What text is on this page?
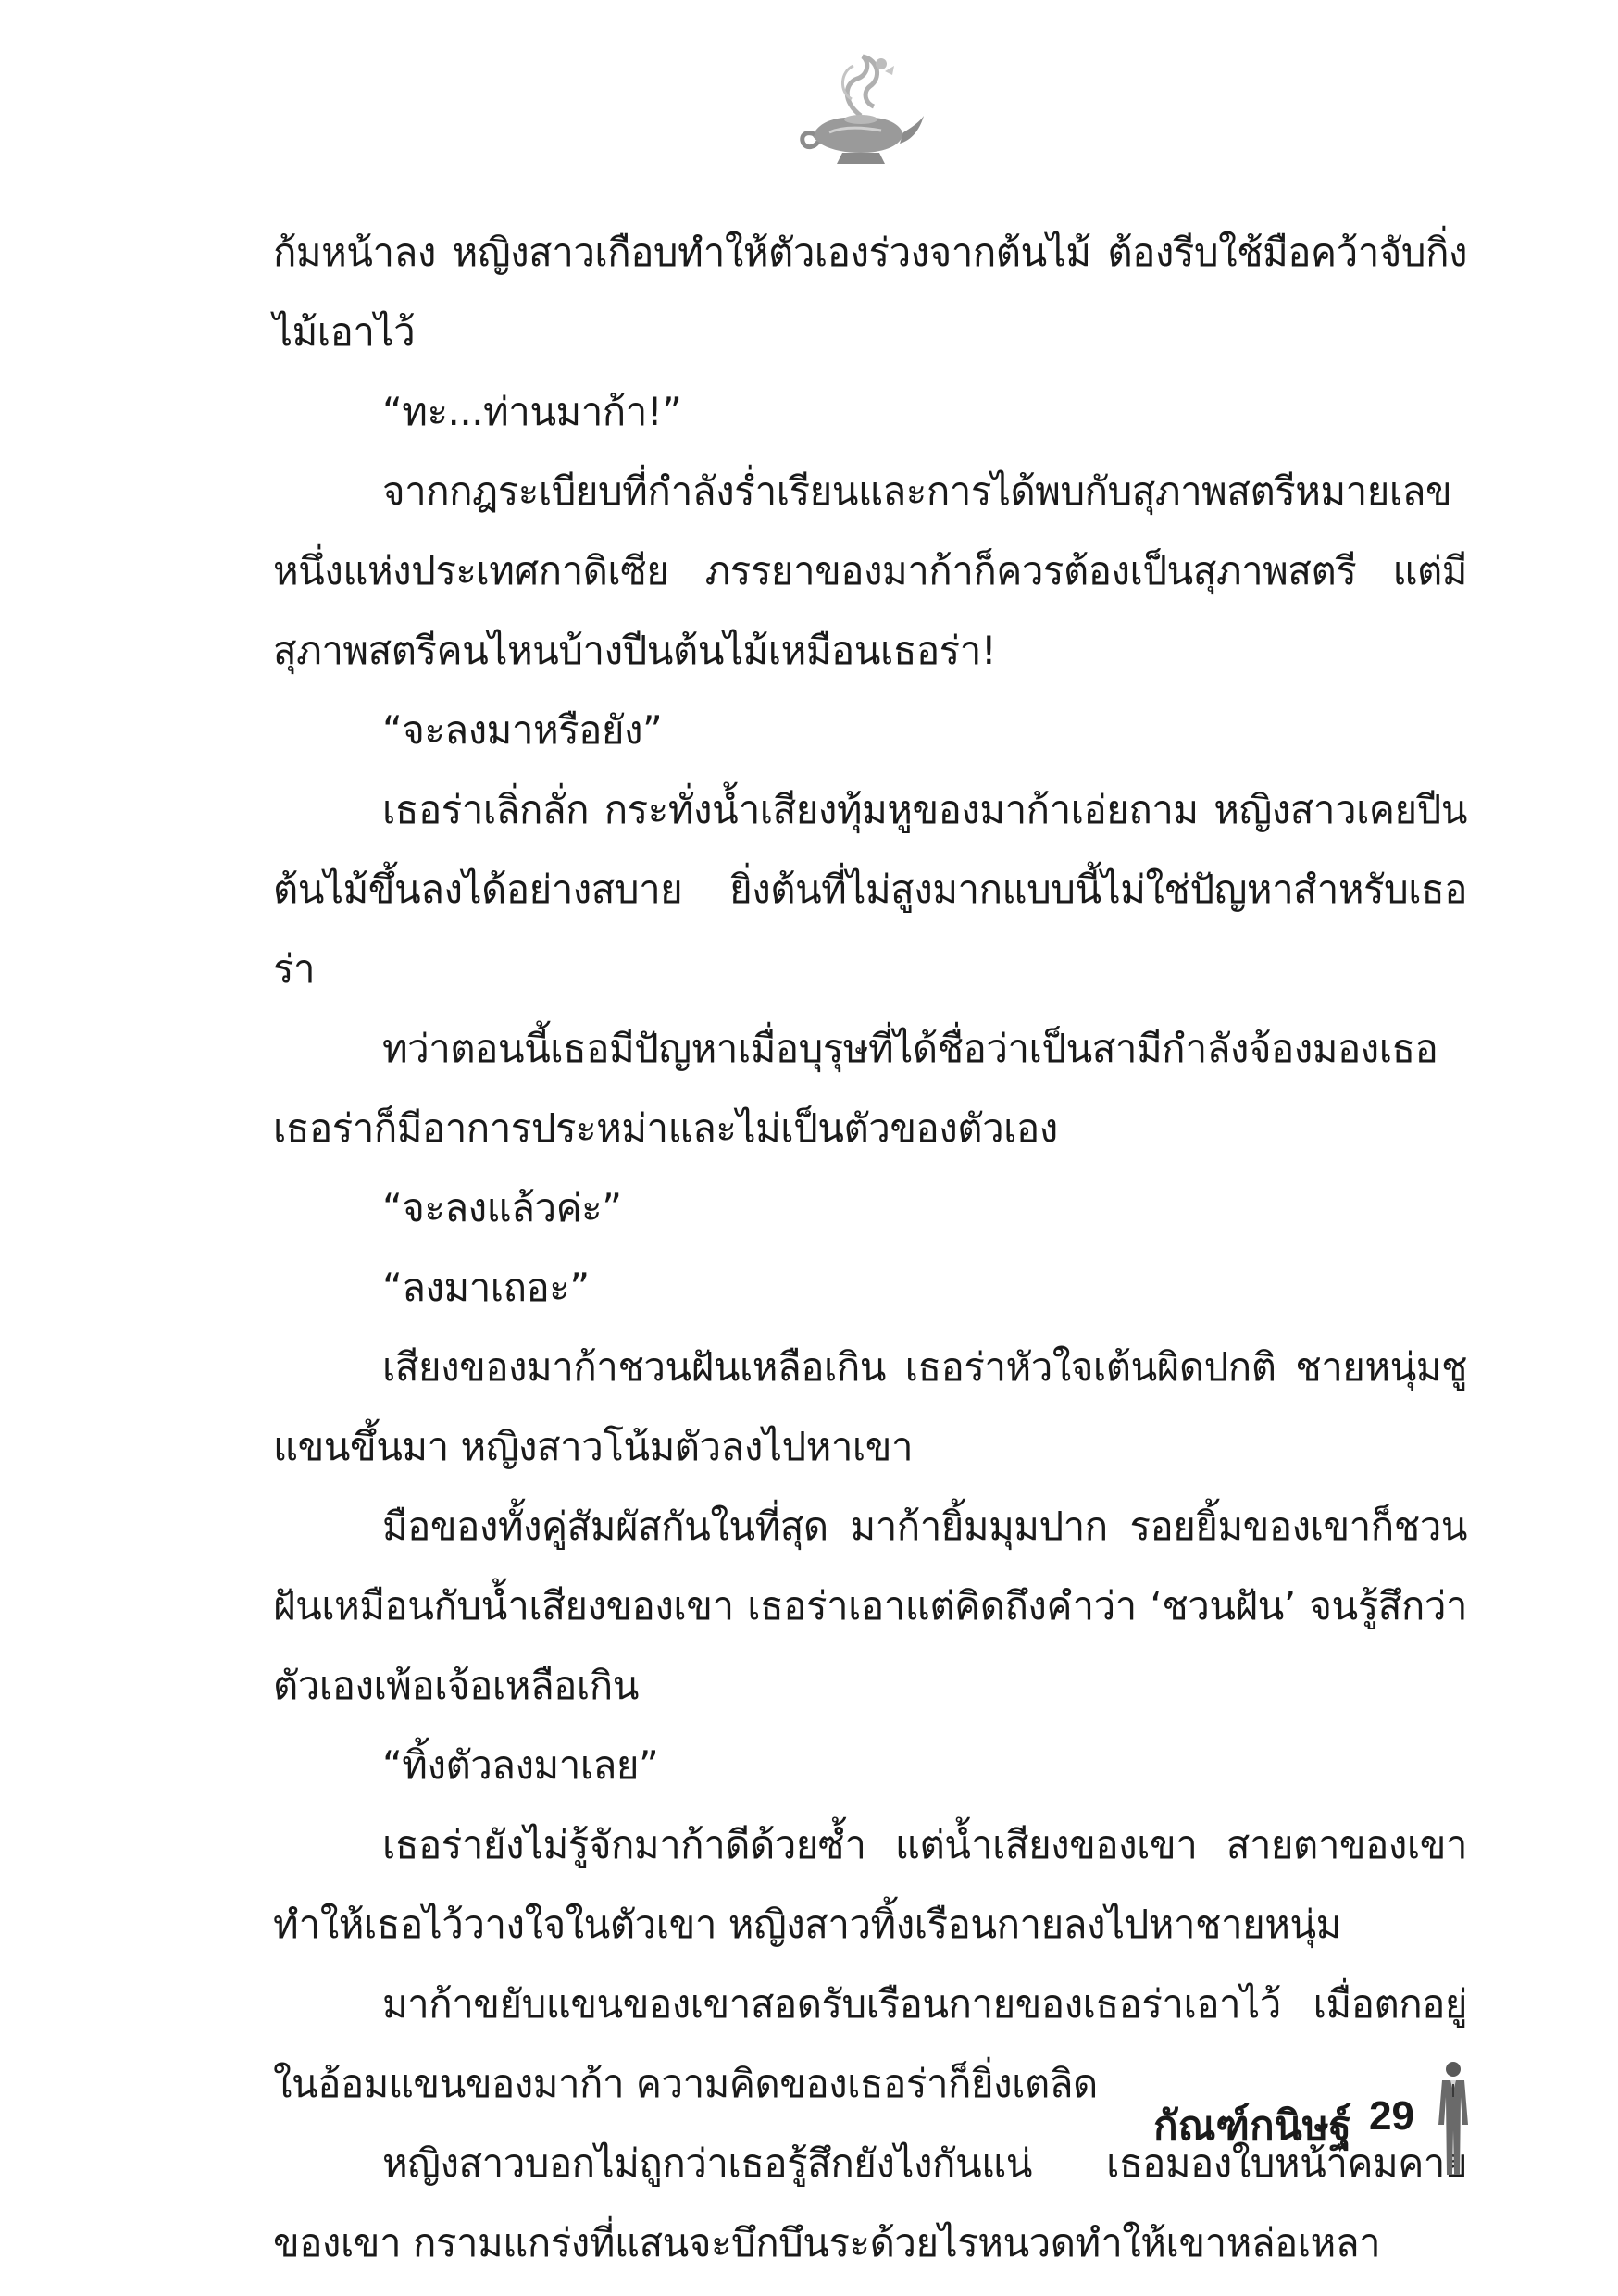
ก้มหน้าลง หญิงสาวเกือบทำให้ตัวเองร่วงจากต้นไม้ ต้องรีบใช้มือคว้าจับกิ่งไม้เอาไว้

“ทะ...ท่านมาก้า!”

จากกฎระเบียบที่กำลังร่ำเรียนและการได้พบกับสุภาพสตรีหมายเลขหนึ่งแห่งประเทศกาดิเซีย ภรรยาของมาก้าก็ควรต้องเป็นสุภาพสตรี แต่มีสุภาพสตรีคนไหนบ้างปีนต้นไม้เหมือนเธอร่า!

“จะลงมาหรือยัง”

เธอร่าเลิ่กลั่ก กระทั่งน้ำเสียงทุ้มหูของมาก้าเอ่ยถาม หญิงสาวเคยปีนต้นไม้ขึ้นลงได้อย่างสบาย ยิ่งต้นที่ไม่สูงมากแบบนี้ไม่ใช่ปัญหาสำหรับเธอร่า

ทว่าตอนนี้เธอมีปัญหาเมื่อบุรุษที่ได้ชื่อว่าเป็นสามีกำลังจ้องมองเธอ เธอร่าก็มีอาการประหม่าและไม่เป็นตัวของตัวเอง

“จะลงแล้วค่ะ”

“ลงมาเถอะ”

เสียงของมาก้าชวนฝันเหลือเกิน เธอร่าหัวใจเต้นผิดปกติ ชายหนุ่มชูแขนขึ้นมา หญิงสาวโน้มตัวลงไปหาเขา

มือของทั้งคู่สัมผัสกันในที่สุด มาก้ายิ้มมุมปาก รอยยิ้มของเขาก็ชวนฝันเหมือนกับน้ำเสียงของเขา เธอร่าเอาแต่คิดถึงคำว่า ‘ชวนฝัน’ จนรู้สึกว่าตัวเองเพ้อเจ้อเหลือเกิน

“ทิ้งตัวลงมาเลย”

เธอร่ายังไม่รู้จักมาก้าดีด้วยซ้ำ แต่น้ำเสียงของเขา สายตาของเขา ทำให้เธอไว้วางใจในตัวเขา หญิงสาวทิ้งเรือนกายลงไปหาชายหนุ่ม

มาก้าขยับแขนของเขาสอดรับเรือนกายของเธอร่าเอาไว้ เมื่อตกอยู่ในอ้อมแขนของมาก้า ความคิดของเธอร่าก็ยิ่งเตลิด

หญิงสาวบอกไม่ถูกว่าเธอรู้สึกยังไงกันแน่ เธอมองใบหน้าคมคายของเขา กรามแกร่งที่แสนจะบึกบึนระด้วยไรหนวดทำให้เขาหล่อเหลา

กัณฑ์กนิษฐ์ 29
